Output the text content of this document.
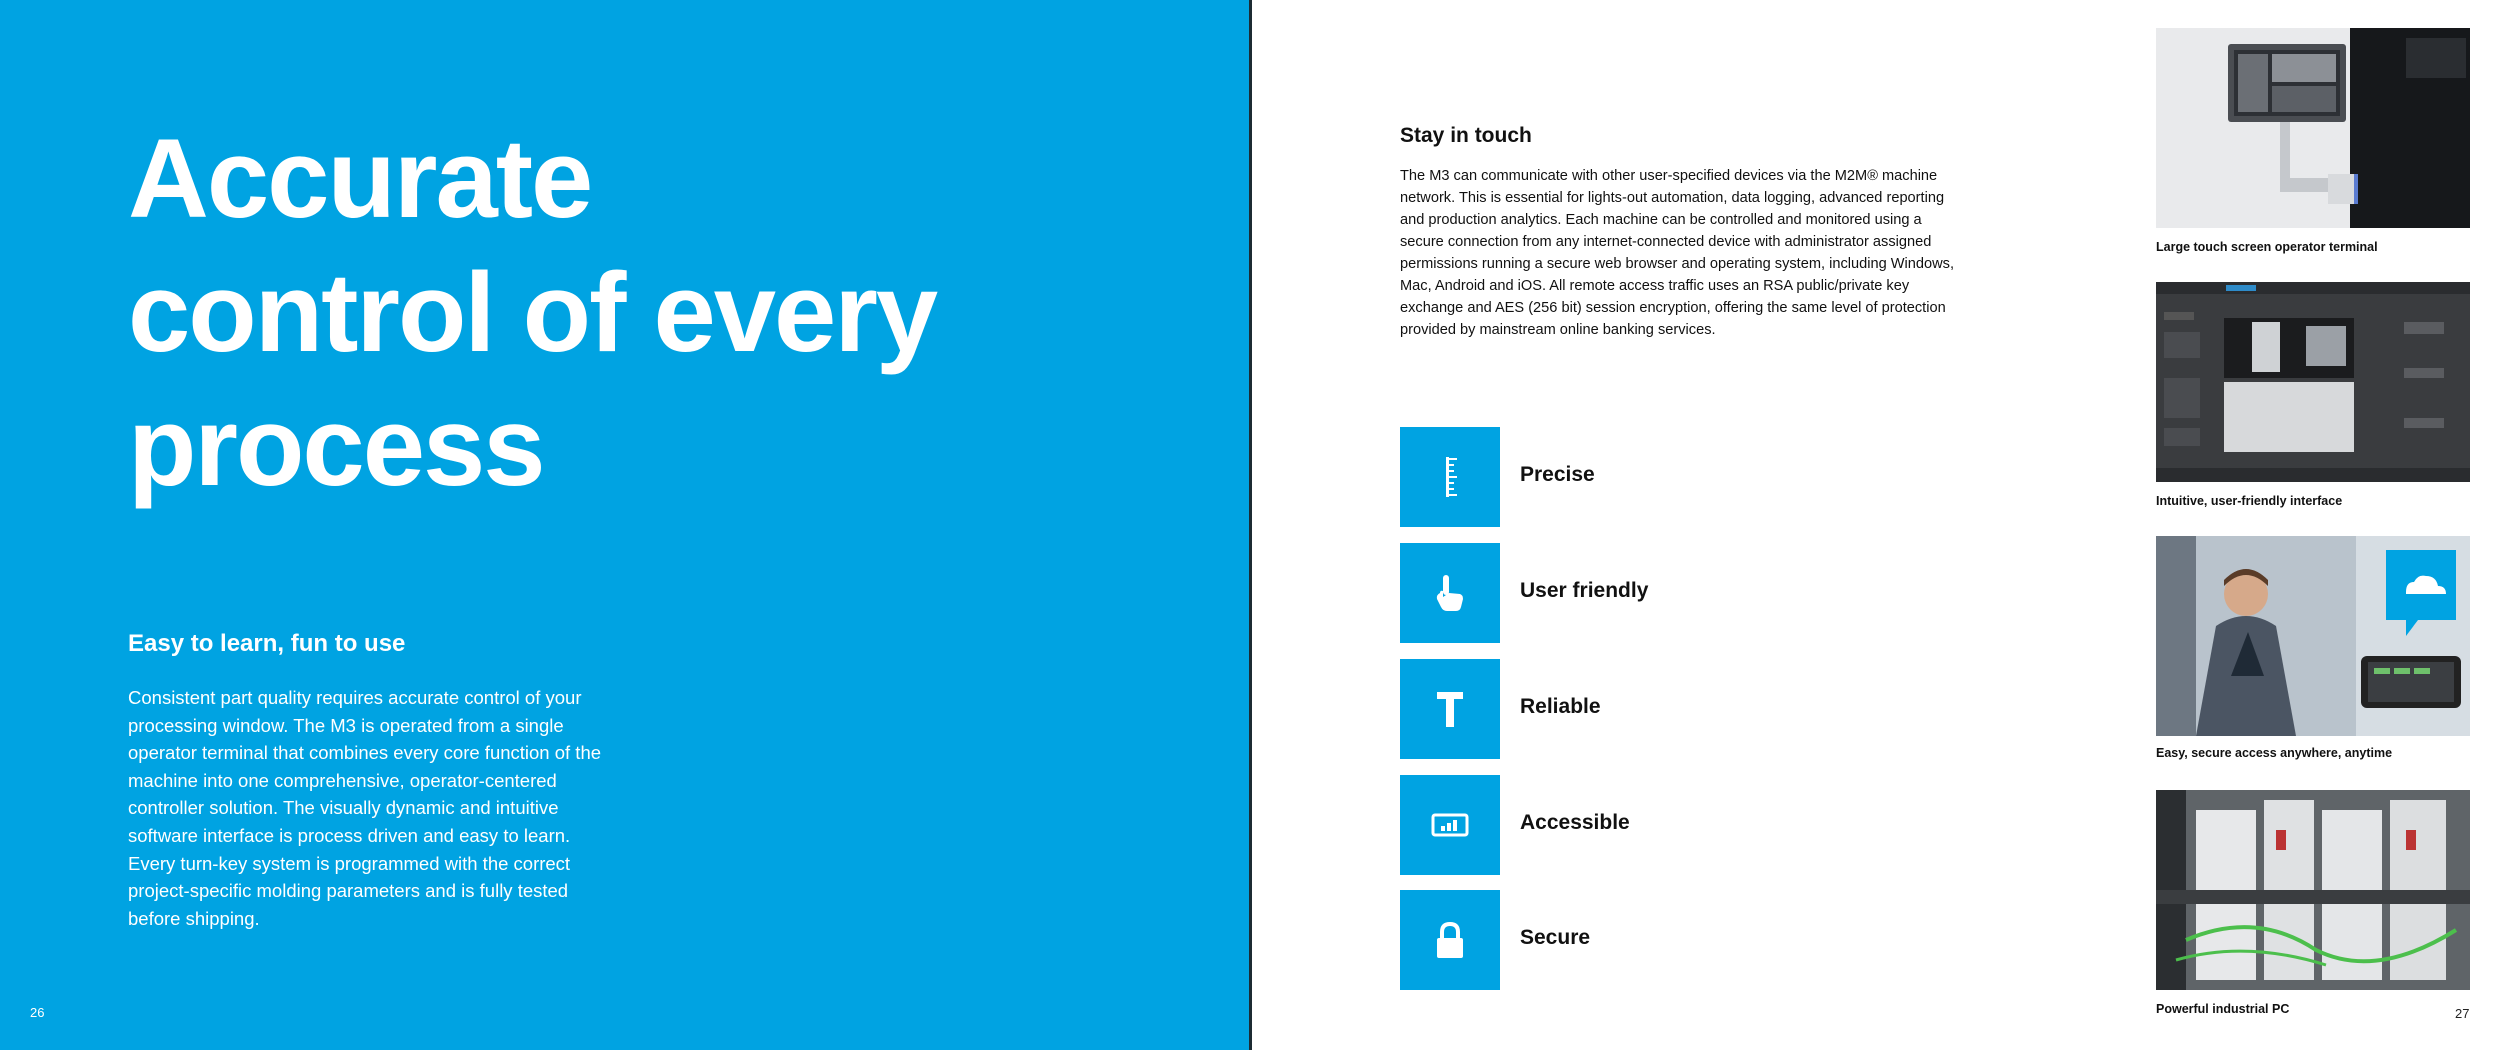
Accurate
control of every
process
Easy to learn, fun to use

Consistent part quality requires accurate control of your processing window. The M3 is operated from a single operator terminal that combines every core function of the machine into one comprehensive, operator-centered controller solution. The visually dynamic and intuitive software interface is process driven and easy to learn. Every turn-key system is programmed with the correct project-specific molding parameters and is fully tested before shipping.

26
Stay in touch

The M3 can communicate with other user-specified devices via the M2M® machine network. This is essential for lights-out automation, data logging, advanced reporting and production analytics. Each machine can be controlled and monitored using a secure connection from any internet-connected device with administrator assigned permissions running a secure web browser and operating system, including Windows, Mac, Android and iOS. All remote access traffic uses an RSA public/private key exchange and AES (256 bit) session encryption, offering the same level of protection provided by mainstream online banking services.

Precise
User friendly
Reliable
Accessible
Secure
Large touch screen operator terminal
Intuitive, user-friendly interface
Easy, secure access anywhere, anytime
Powerful industrial PC	27
